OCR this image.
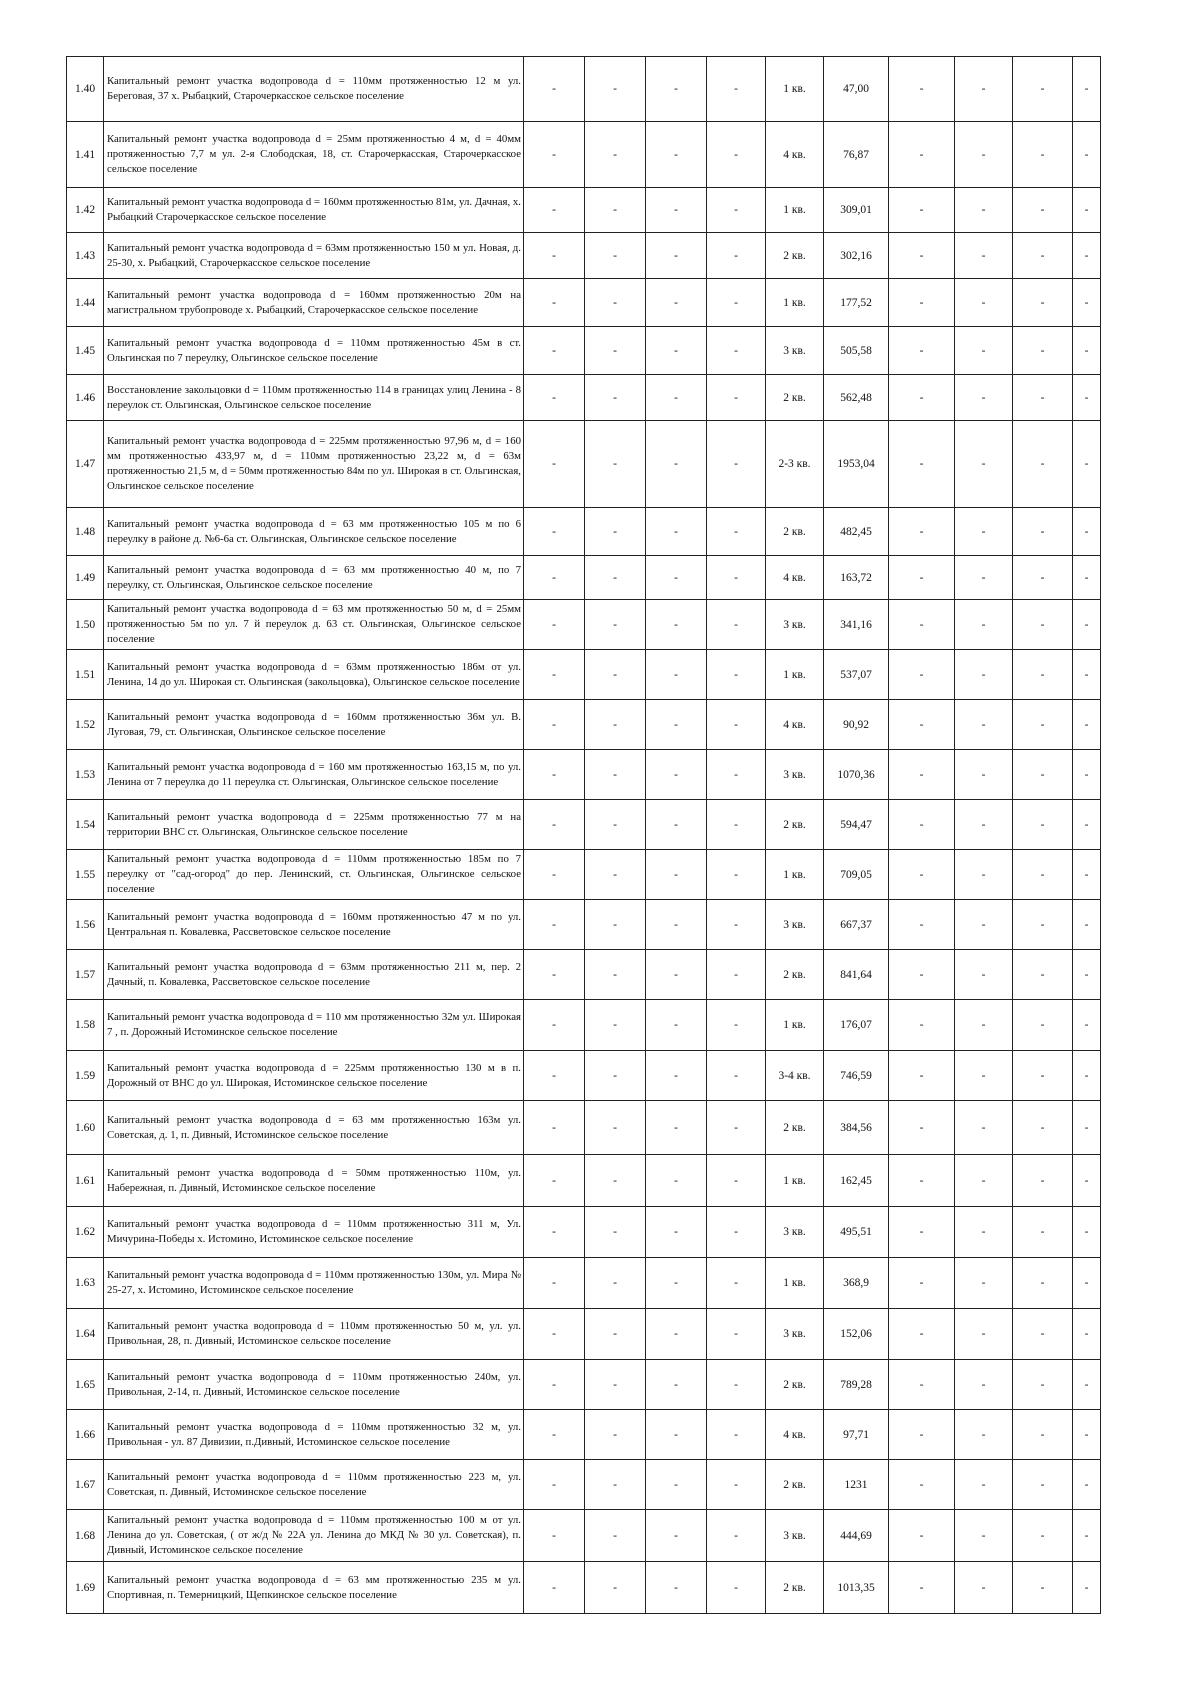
1.40	Капитальный ремонт участка водопровода d = 110мм протяженностью 12 м ул. Береговая, 37 х. Рыбацкий, Старочеркасское сельское поселение	-	-	-	-	1 кв.	47,00	-	-	-	-
1.41	Капитальный ремонт участка водопровода d = 25мм протяженностью 4 м, d = 40мм протяженностью 7,7 м ул. 2-я Слободская, 18, ст. Старочеркасская, Старочеркасское сельское поселение	-	-	-	-	4 кв.	76,87	-	-	-	-
1.42	Капитальный ремонт участка водопровода d = 160мм протяженностью 81м, ул. Дачная, х. Рыбацкий Старочеркасское сельское поселение	-	-	-	-	1 кв.	309,01	-	-	-	-
1.43	Капитальный ремонт участка водопровода d = 63мм протяженностью 150 м ул. Новая, д. 25-30, х. Рыбацкий, Старочеркасское сельское поселение	-	-	-	-	2 кв.	302,16	-	-	-	-
1.44	Капитальный ремонт участка водопровода d = 160мм протяженностью 20м на магистральном трубопроводе х. Рыбацкий, Старочеркасское сельское поселение	-	-	-	-	1 кв.	177,52	-	-	-	-
1.45	Капитальный ремонт участка водопровода d = 110мм протяженностью 45м в ст. Ольгинская по 7 переулку, Ольгинское сельское поселение	-	-	-	-	3 кв.	505,58	-	-	-	-
1.46	Восстановление закольцовки d = 110мм протяженностью 114 в границах улиц Ленина - 8 переулок ст. Ольгинская, Ольгинское сельское поселение	-	-	-	-	2 кв.	562,48	-	-	-	-
1.47	Капитальный ремонт участка водопровода d = 225мм протяженностью 97,96 м, d = 160 мм протяженностью 433,97 м, d = 110мм протяженностью 23,22 м, d = 63м протяженностью 21,5 м, d = 50мм протяженностью 84м по ул. Широкая в ст. Ольгинская, Ольгинское сельское поселение	-	-	-	-	2-3 кв.	1953,04	-	-	-	-
1.48	Капитальный ремонт участка водопровода d = 63 мм протяженностью 105 м по 6 переулку в районе д. №6-6а ст. Ольгинская, Ольгинское сельское поселение	-	-	-	-	2 кв.	482,45	-	-	-	-
1.49	Капитальный ремонт участка водопровода d = 63 мм протяженностью 40 м, по 7 переулку, ст. Ольгинская, Ольгинское сельское поселение	-	-	-	-	4 кв.	163,72	-	-	-	-
1.50	Капитальный ремонт участка водопровода d = 63 мм протяженностью 50 м, d = 25мм протяженностью 5м по ул. 7 й переулок д. 63 ст. Ольгинская, Ольгинское сельское поселение	-	-	-	-	3 кв.	341,16	-	-	-	-
1.51	Капитальный ремонт участка водопровода d = 63мм протяженностью 186м от ул. Ленина, 14 до ул. Широкая ст. Ольгинская (закольцовка), Ольгинское сельское поселение	-	-	-	-	1 кв.	537,07	-	-	-	-
1.52	Капитальный ремонт участка водопровода d = 160мм протяженностью 36м ул. В. Луговая, 79, ст. Ольгинская, Ольгинское сельское поселение	-	-	-	-	4 кв.	90,92	-	-	-	-
1.53	Капитальный ремонт участка водопровода d = 160 мм протяженностью 163,15 м, по ул. Ленина от 7 переулка до 11 переулка ст. Ольгинская, Ольгинское сельское поселение	-	-	-	-	3 кв.	1070,36	-	-	-	-
1.54	Капитальный ремонт участка водопровода d = 225мм протяженностью 77 м на территории ВНС ст. Ольгинская, Ольгинское сельское поселение	-	-	-	-	2 кв.	594,47	-	-	-	-
1.55	Капитальный ремонт участка водопровода d = 110мм протяженностью 185м по 7 переулку от "сад-огород" до пер. Ленинский, ст. Ольгинская, Ольгинское сельское поселение	-	-	-	-	1 кв.	709,05	-	-	-	-
1.56	Капитальный ремонт участка водопровода d = 160мм протяженностью 47 м по ул. Центральная п. Ковалевка, Рассветовское сельское поселение	-	-	-	-	3 кв.	667,37	-	-	-	-
1.57	Капитальный ремонт участка водопровода d = 63мм протяженностью 211 м, пер. 2 Дачный, п. Ковалевка, Рассветовское сельское поселение	-	-	-	-	2 кв.	841,64	-	-	-	-
1.58	Капитальный ремонт участка водопровода d = 110 мм протяженностью 32м ул. Широкая 7 , п. Дорожный Истоминское сельское поселение	-	-	-	-	1 кв.	176,07	-	-	-	-
1.59	Капитальный ремонт участка водопровода d = 225мм протяженностью 130 м в п. Дорожный от ВНС до ул. Широкая, Истоминское сельское поселение	-	-	-	-	3-4 кв.	746,59	-	-	-	-
1.60	Капитальный ремонт участка водопровода d = 63 мм протяженностью 163м ул. Советская, д. 1, п. Дивный, Истоминское сельское поселение	-	-	-	-	2 кв.	384,56	-	-	-	-
1.61	Капитальный ремонт участка водопровода d = 50мм протяженностью 110м, ул. Набережная, п. Дивный, Истоминское сельское поселение	-	-	-	-	1 кв.	162,45	-	-	-	-
1.62	Капитальный ремонт участка водопровода d = 110мм протяженностью 311 м, Ул. Мичурина-Победы х. Истомино, Истоминское сельское поселение	-	-	-	-	3 кв.	495,51	-	-	-	-
1.63	Капитальный ремонт участка водопровода d = 110мм протяженностью 130м, ул. Мира № 25-27, х. Истомино, Истоминское сельское поселение	-	-	-	-	1 кв.	368,9	-	-	-	-
1.64	Капитальный ремонт участка водопровода d = 110мм протяженностью 50 м, ул. ул. Привольная, 28, п. Дивный, Истоминское сельское поселение	-	-	-	-	3 кв.	152,06	-	-	-	-
1.65	Капитальный ремонт участка водопровода d = 110мм протяженностью 240м, ул. Привольная, 2-14, п. Дивный, Истоминское сельское поселение	-	-	-	-	2 кв.	789,28	-	-	-	-
1.66	Капитальный ремонт участка водопровода d = 110мм протяженностью 32 м, ул. Привольная - ул. 87 Дивизии, п.Дивный, Истоминское сельское поселение	-	-	-	-	4 кв.	97,71	-	-	-	-
1.67	Капитальный ремонт участка водопровода d = 110мм протяженностью 223 м, ул. Советская, п. Дивный, Истоминское сельское поселение	-	-	-	-	2 кв.	1231	-	-	-	-
1.68	Капитальный ремонт участка водопровода d = 110мм протяженностью 100 м от ул. Ленина до ул. Советская, ( от ж/д № 22А ул. Ленина до МКД № 30 ул. Советская), п. Дивный, Истоминское сельское поселение	-	-	-	-	3 кв.	444,69	-	-	-	-
1.69	Капитальный ремонт участка водопровода d = 63 мм протяженностью 235 м ул. Спортивная, п. Темерницкий, Щепкинское сельское поселение	-	-	-	-	2 кв.	1013,35	-	-	-	-
